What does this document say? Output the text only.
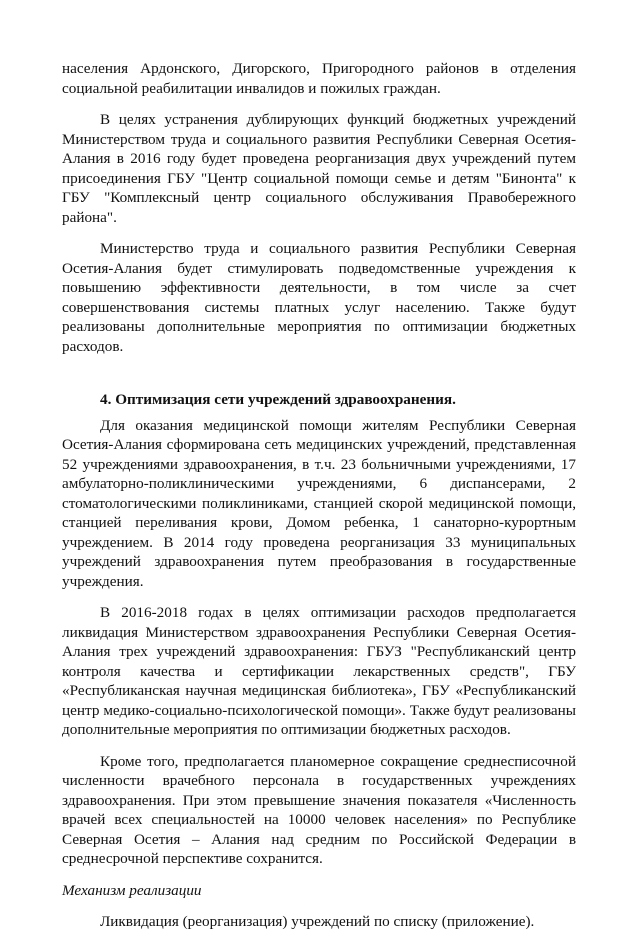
населения Ардонского, Дигорского, Пригородного районов в отделения социальной реабилитации инвалидов и пожилых граждан.

В целях устранения дублирующих функций бюджетных учреждений Министерством труда и социального развития Республики Северная Осетия-Алания в 2016 году будет проведена реорганизация двух учреждений путем присоединения ГБУ "Центр социальной помощи семье и детям "Бинонта" к ГБУ "Комплексный центр социального обслуживания Правобережного района".

Министерство труда и социального развития Республики Северная Осетия-Алания будет стимулировать подведомственные учреждения к повышению эффективности деятельности, в том числе за счет совершенствования системы платных услуг населению. Также будут реализованы дополнительные мероприятия по оптимизации бюджетных расходов.

4. Оптимизация сети учреждений здравоохранения.

Для оказания медицинской помощи жителям Республики Северная Осетия-Алания сформирована сеть медицинских учреждений, представленная 52 учреждениями здравоохранения, в т.ч. 23 больничными учреждениями, 17 амбулаторно-поликлиническими учреждениями, 6 диспансерами, 2 стоматологическими поликлиниками, станцией скорой медицинской помощи, станцией переливания крови, Домом ребенка, 1 санаторно-курортным учреждением. В 2014 году проведена реорганизация 33 муниципальных учреждений здравоохранения путем преобразования в государственные учреждения.

В 2016-2018 годах в целях оптимизации расходов предполагается ликвидация Министерством здравоохранения Республики Северная Осетия-Алания трех учреждений здравоохранения: ГБУЗ "Республиканский центр контроля качества и сертификации лекарственных средств", ГБУ «Республиканская научная медицинская библиотека», ГБУ «Республиканский центр медико-социально-психологической помощи». Также будут реализованы дополнительные мероприятия по оптимизации бюджетных расходов.

Кроме того, предполагается планомерное сокращение среднесписочной численности врачебного персонала в государственных учреждениях здравоохранения. При этом превышение значения показателя «Численность врачей всех специальностей на 10000 человек населения» по Республике Северная Осетия – Алания над средним по Российской Федерации в среднесрочной перспективе сохранится.

Механизм реализации

Ликвидация (реорганизация) учреждений по списку (приложение).
